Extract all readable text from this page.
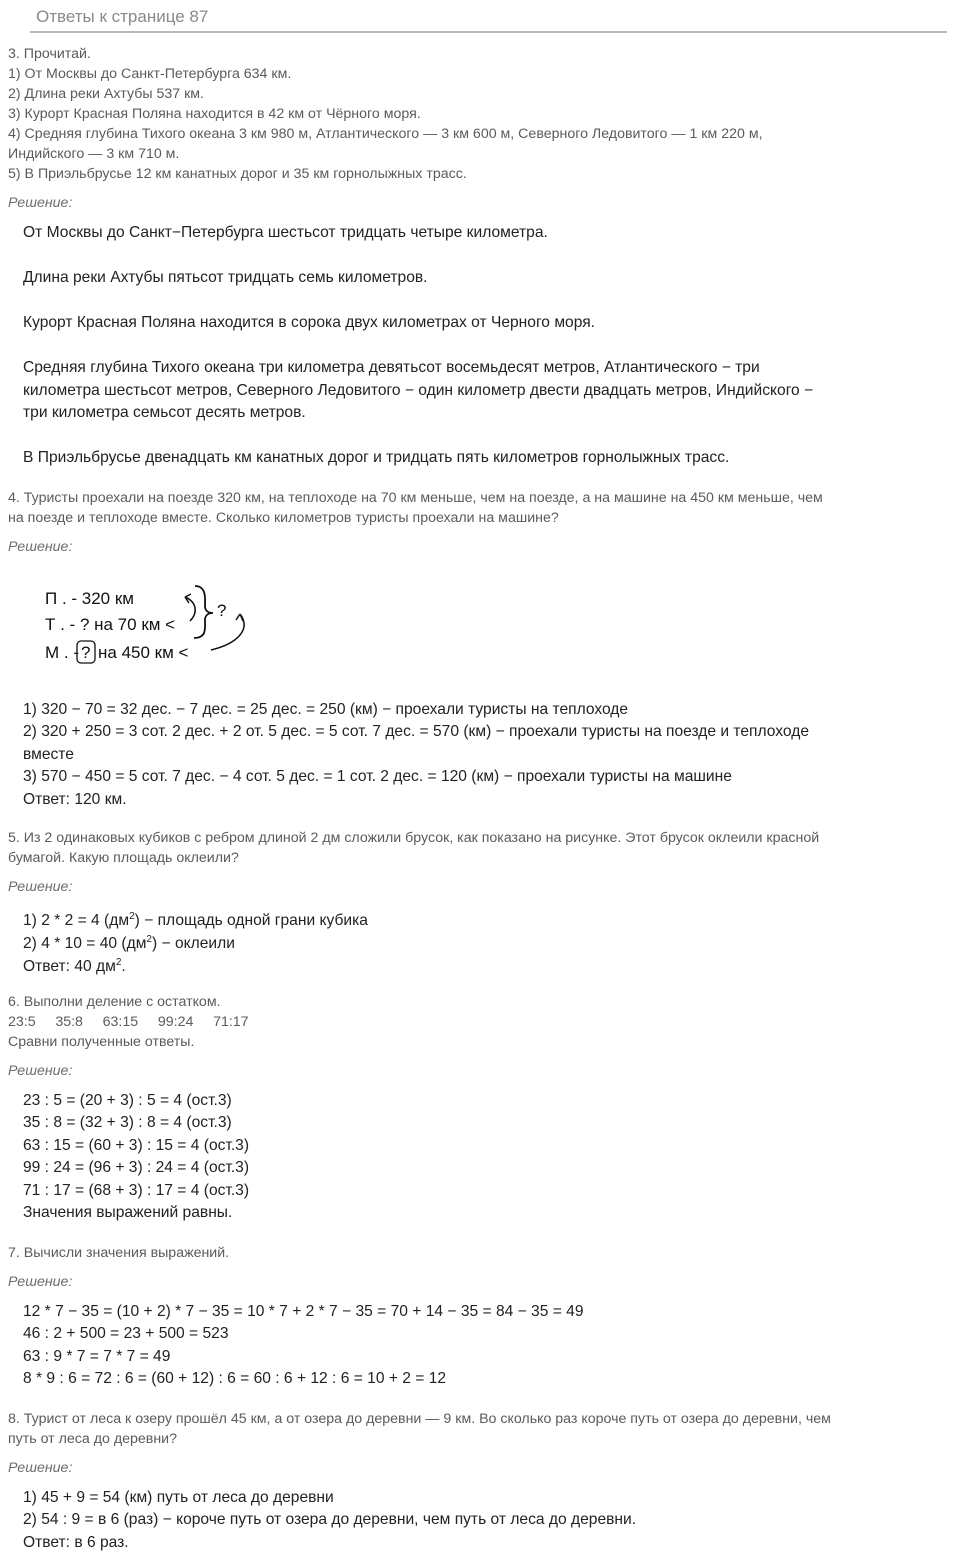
Ответы к странице 87
3. Прочитай.
1) От Москвы до Санкт-Петербурга 634 км.
2) Длина реки Ахтубы 537 км.
3) Курорт Красная Поляна находится в 42 км от Чёрного моря.
4) Средняя глубина Тихого океана 3 км 980 м, Атлантического — 3 км 600 м, Северного Ледовитого — 1 км 220 м,
Индийского — 3 км 710 м.
5) В Приэльбрусье 12 км канатных дорог и 35 км горнолыжных трасс.
Решение:
От Москвы до Санкт−Петербурга шестьсот тридцать четыре километра.
Длина реки Ахтубы пятьсот тридцать семь километров.
Курорт Красная Поляна находится в сорока двух километрах от Черного моря.
Средняя глубина Тихого океана три километра девятьсот восемьдесят метров, Атлантического − три
километра шестьсот метров, Северного Ледовитого − один километр двести двадцать метров, Индийского −
три километра семьсот десять метров.
В Приэльбрусье двенадцать км канатных дорог и тридцать пять километров горнолыжных трасс.
4. Туристы проехали на поезде 320 км, на теплоходе на 70 км меньше, чем на поезде, а на машине на 450 км меньше, чем
на поезде и теплоходе вместе. Сколько километров туристы проехали на машине?
Решение:
П . - 320 км
Т . - ? на 70 км <
М . - ? на 450 км <
?
1) 320 − 70 = 32 дес. − 7 дес. = 25 дес. = 250 (км) − проехали туристы на теплоходе
2) 320 + 250 = 3 сот. 2 дес. + 2 от. 5 дес. = 5 сот. 7 дес. = 570 (км) − проехали туристы на поезде и теплоходе
вместе
3) 570 − 450 = 5 сот. 7 дес. − 4 сот. 5 дес. = 1 сот. 2 дес. = 120 (км) − проехали туристы на машине
Ответ: 120 км.
5. Из 2 одинаковых кубиков с ребром длиной 2 дм сложили брусок, как показано на рисунке. Этот брусок оклеили красной
бумагой. Какую площадь оклеили?
Решение:
1) 2 * 2 = 4 $(дм^2)$ − площадь одной грани кубика
2) 4 * 10 = 40 $(дм^2)$ − оклеили
Ответ: 40 $дм^2$.
6. Выполни деление с остатком.
23:5     35:8     63:15     99:24     71:17
Сравни полученные ответы.
Решение:
23 : 5 = (20 + 3) : 5 = 4 (ост.3)
35 : 8 = (32 + 3) : 8 = 4 (ост.3)
63 : 15 = (60 + 3) : 15 = 4 (ост.3)
99 : 24 = (96 + 3) : 24 = 4 (ост.3)
71 : 17 = (68 + 3) : 17 = 4 (ост.3)
Значения выражений равны.
7. Вычисли значения выражений.
Решение:
12 * 7 − 35 = (10 + 2) * 7 − 35 = 10 * 7 + 2 * 7 − 35 = 70 + 14 − 35 = 84 − 35 = 49
46 : 2 + 500 = 23 + 500 = 523
63 : 9 * 7 = 7 * 7 = 49
8 * 9 : 6 = 72 : 6 = (60 + 12) : 6 = 60 : 6 + 12 : 6 = 10 + 2 = 12
8. Турист от леса к озеру прошёл 45 км, а от озера до деревни — 9 км. Во сколько раз короче путь от озера до деревни, чем
путь от леса до деревни?
Решение:
1) 45 + 9 = 54 (км) путь от леса до деревни
2) 54 : 9 = в 6 (раз) − короче путь от озера до деревни, чем путь от леса до деревни.
Ответ: в 6 раз.
